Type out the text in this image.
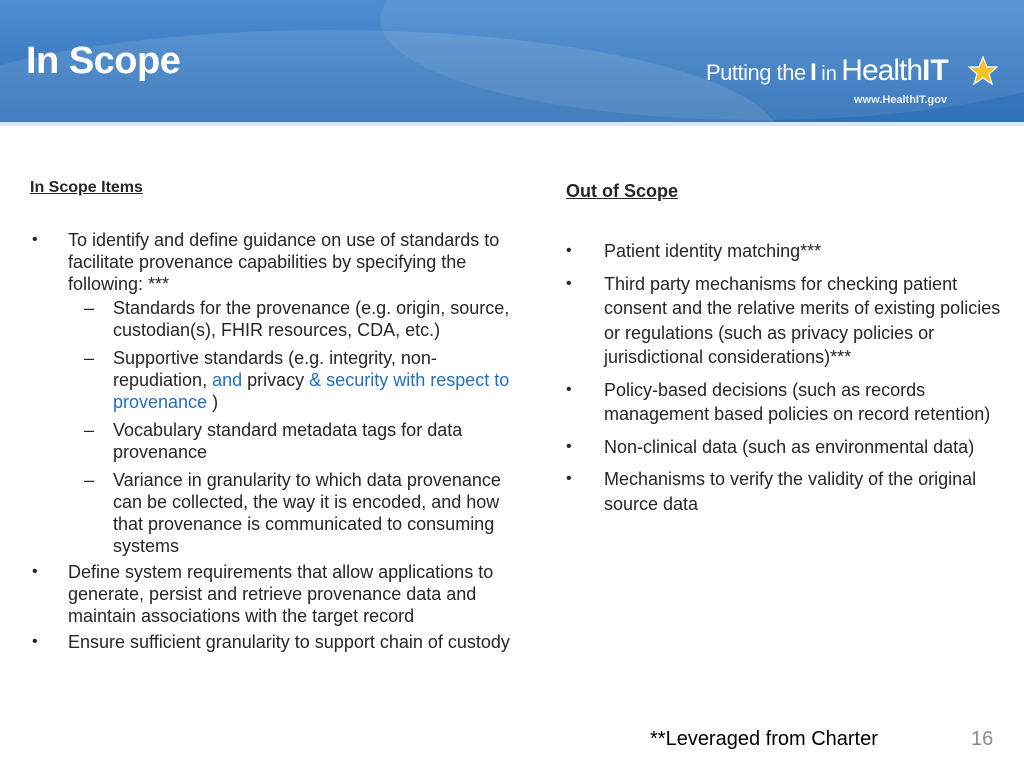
In Scope	Putting the I in HealthIT
www.HealthIT.gov
In Scope Items
• To identify and define guidance on use of standards to facilitate provenance capabilities by specifying the following: ***
– Standards for the provenance (e.g. origin, source, custodian(s), FHIR resources, CDA, etc.)
– Supportive standards (e.g. integrity, non-repudiation, and privacy & security with respect to provenance )
– Vocabulary standard metadata tags for data provenance
– Variance in granularity to which data provenance can be collected, the way it is encoded, and how that provenance is communicated to consuming systems
• Define system requirements that allow applications to generate, persist and retrieve provenance data and maintain associations with the target record
• Ensure sufficient granularity to support chain of custody
Out of Scope
• Patient identity matching***
• Third party mechanisms for checking patient consent and the relative merits of existing policies or regulations (such as privacy policies or jurisdictional considerations)***
• Policy-based decisions (such as records management based policies on record retention)
• Non-clinical data (such as environmental data)
• Mechanisms to verify the validity of the original source data
**Leveraged from Charter	16
